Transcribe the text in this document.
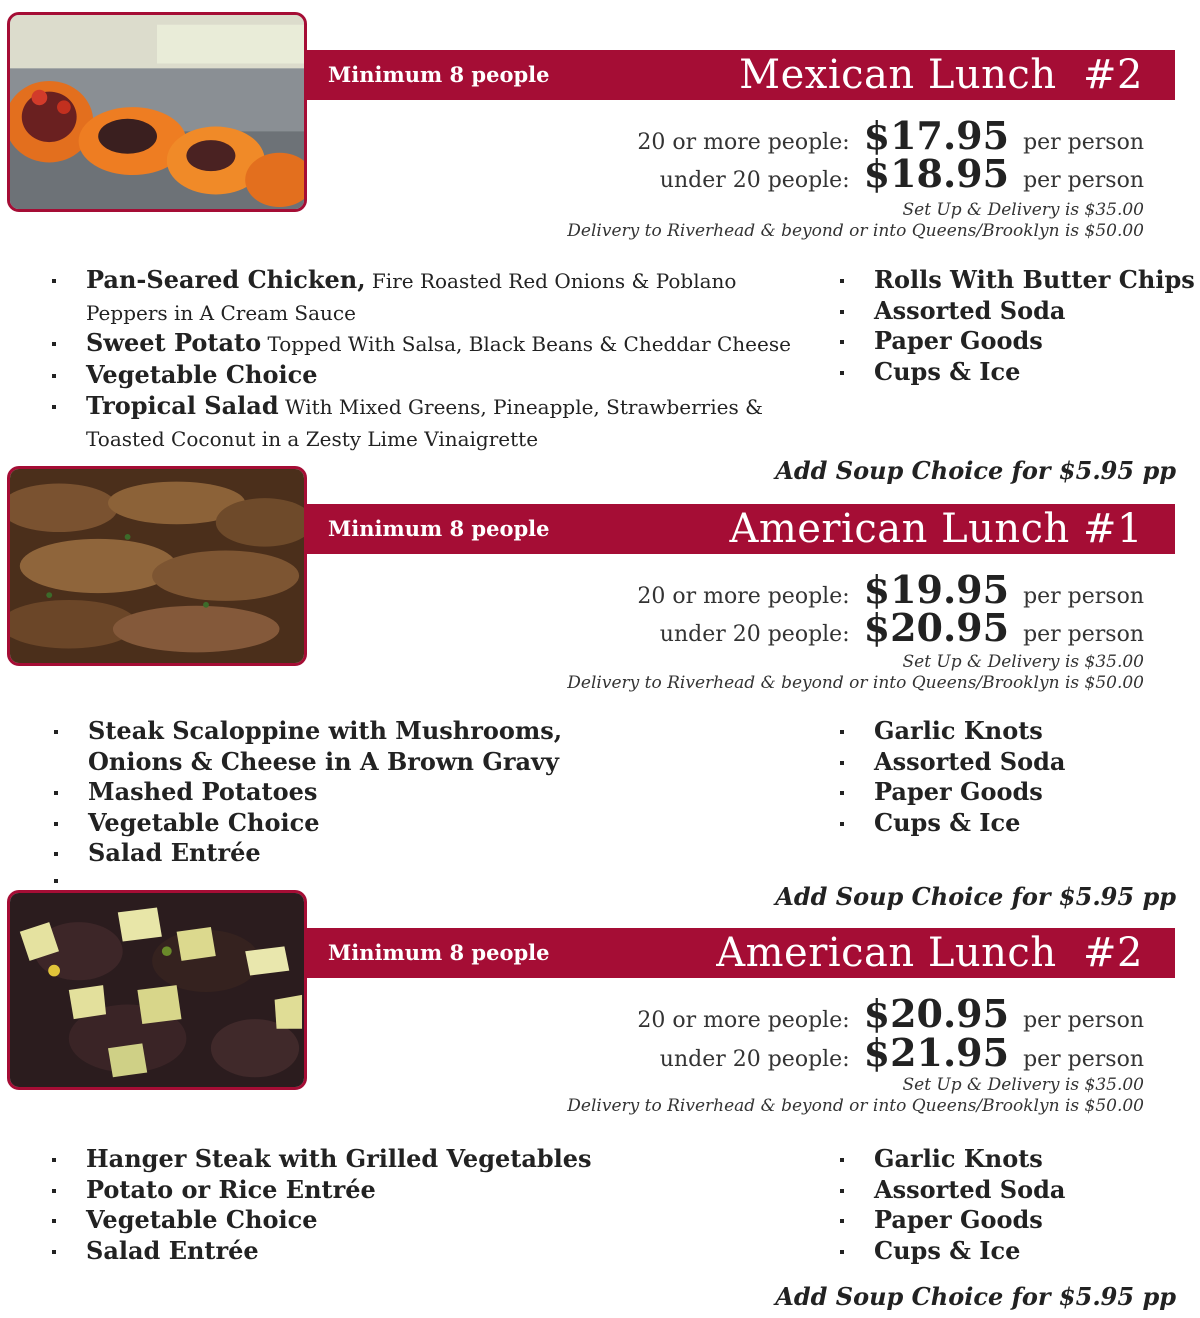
Minimum 8 people	Mexican Lunch  #2
20 or more people: $17.95 per person
under 20 people: $18.95 per person
Set Up & Delivery is $35.00
Delivery to Riverhead & beyond or into Queens/Brooklyn is $50.00
Pan-Seared Chicken, Fire Roasted Red Onions & Poblano Peppers in A Cream Sauce
Sweet Potato Topped With Salsa, Black Beans & Cheddar Cheese
Vegetable Choice
Tropical Salad With Mixed Greens, Pineapple, Strawberries & Toasted Coconut in a Zesty Lime Vinaigrette
Rolls With Butter Chips
Assorted Soda
Paper Goods
Cups & Ice
Add Soup Choice for $5.95 pp
Minimum 8 people	American Lunch #1
20 or more people: $19.95 per person
under 20 people: $20.95 per person
Set Up & Delivery is $35.00
Delivery to Riverhead & beyond or into Queens/Brooklyn is $50.00
Steak Scaloppine with Mushrooms, Onions & Cheese in A Brown Gravy
Mashed Potatoes
Vegetable Choice
Salad Entrée
Garlic Knots
Assorted Soda
Paper Goods
Cups & Ice
Add Soup Choice for $5.95 pp
Minimum 8 people	American Lunch  #2
20 or more people: $20.95 per person
under 20 people: $21.95 per person
Set Up & Delivery is $35.00
Delivery to Riverhead & beyond or into Queens/Brooklyn is $50.00
Hanger Steak with Grilled Vegetables
Potato or Rice Entrée
Vegetable Choice
Salad Entrée
Garlic Knots
Assorted Soda
Paper Goods
Cups & Ice
Add Soup Choice for $5.95 pp
